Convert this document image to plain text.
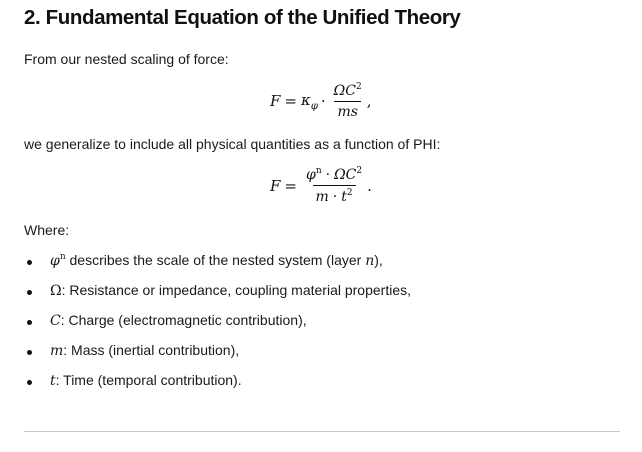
2. Fundamental Equation of the Unified Theory
From our nested scaling of force:
$F = \kappa_\varphi \cdot \frac{\Omega C^2}{ms}$ ,
we generalize to include all physical quantities as a function of PHI:
$F = \frac{\varphi^n \cdot \Omega C^2}{m \cdot t^2}$ .
Where:
$\varphi^n$ describes the scale of the nested system (layer n),
Ω: Resistance or impedance, coupling material properties,
C: Charge (electromagnetic contribution),
m: Mass (inertial contribution),
t: Time (temporal contribution).
